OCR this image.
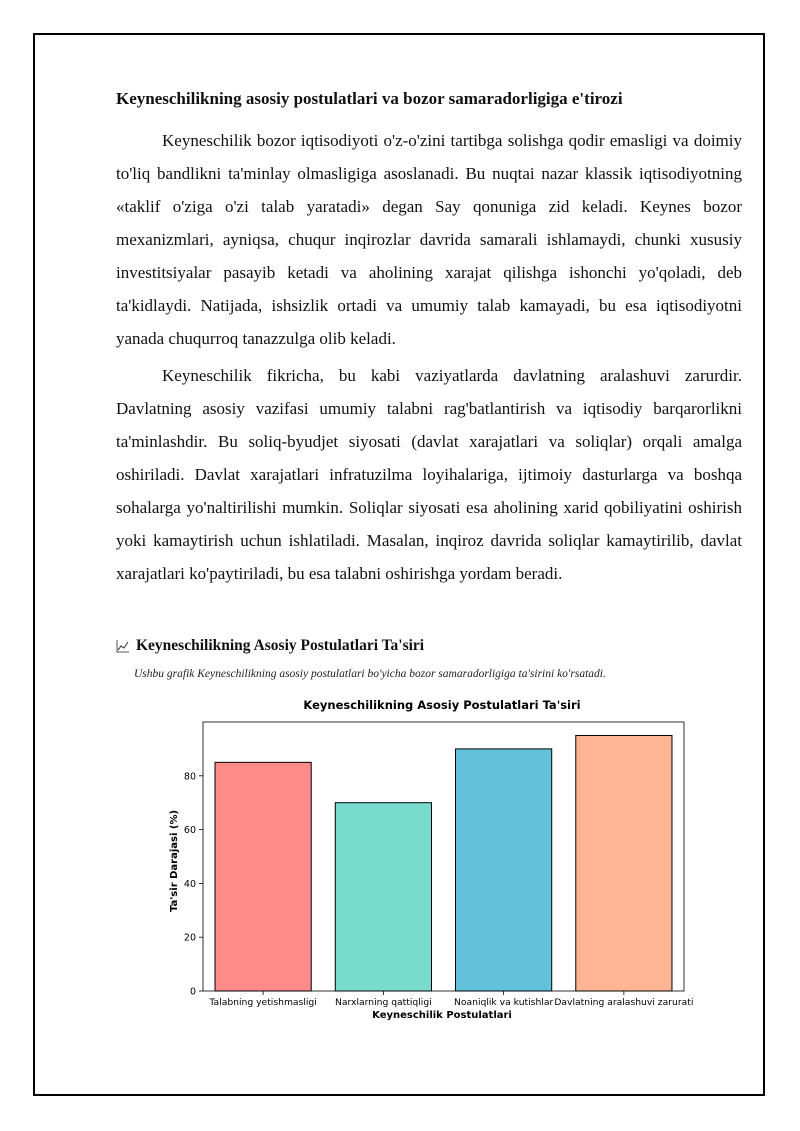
Keyneschilikning asosiy postulatlari va bozor samaradorligiga e'tirozi

Keyneschilik bozor iqtisodiyoti o'z-o'zini tartibga solishga qodir emasligi va doimiy to'liq bandlikni ta'minlay olmasligiga asoslanadi. Bu nuqtai nazar klassik iqtisodiyotning «taklif o'ziga o'zi talab yaratadi» degan Say qonuniga zid keladi. Keynes bozor mexanizmlari, ayniqsa, chuqur inqirozlar davrida samarali ishlamaydi, chunki xususiy investitsiyalar pasayib ketadi va aholining xarajat qilishga ishonchi yo'qoladi, deb ta'kidlaydi. Natijada, ishsizlik ortadi va umumiy talab kamayadi, bu esa iqtisodiyotni yanada chuqurroq tanazzulga olib keladi.

Keyneschilik fikricha, bu kabi vaziyatlarda davlatning aralashuvi zarurdir. Davlatning asosiy vazifasi umumiy talabni rag'batlantirish va iqtisodiy barqarorlikni ta'minlashdir. Bu soliq-byudjet siyosati (davlat xarajatlari va soliqlar) orqali amalga oshiriladi. Davlat xarajatlari infratuzilma loyihalariga, ijtimoiy dasturlarga va boshqa sohalarga yo'naltirilishi mumkin. Soliqlar siyosati esa aholining xarid qobiliyatini oshirish yoki kamaytirish uchun ishlatiladi. Masalan, inqiroz davrida soliqlar kamaytirilib, davlat xarajatlari ko'paytiriladi, bu esa talabni oshirishga yordam beradi.

Keyneschilikning Asosiy Postulatlari Ta'siri
Ushbu grafik Keyneschilikning asosiy postulatlari bo'yicha bozor samaradorligiga ta'sirini ko'rsatadi.
Keyneschilikning Asosiy Postulatlari Ta'siri
Ta'sir Darajasi (%)
Keyneschilik Postulatlari
0
20
40
60
80
Talabning yetishmasligi Narxlarning qattiqligi Noaniqlik va kutishlar Davlatning aralashuvi zarurati
